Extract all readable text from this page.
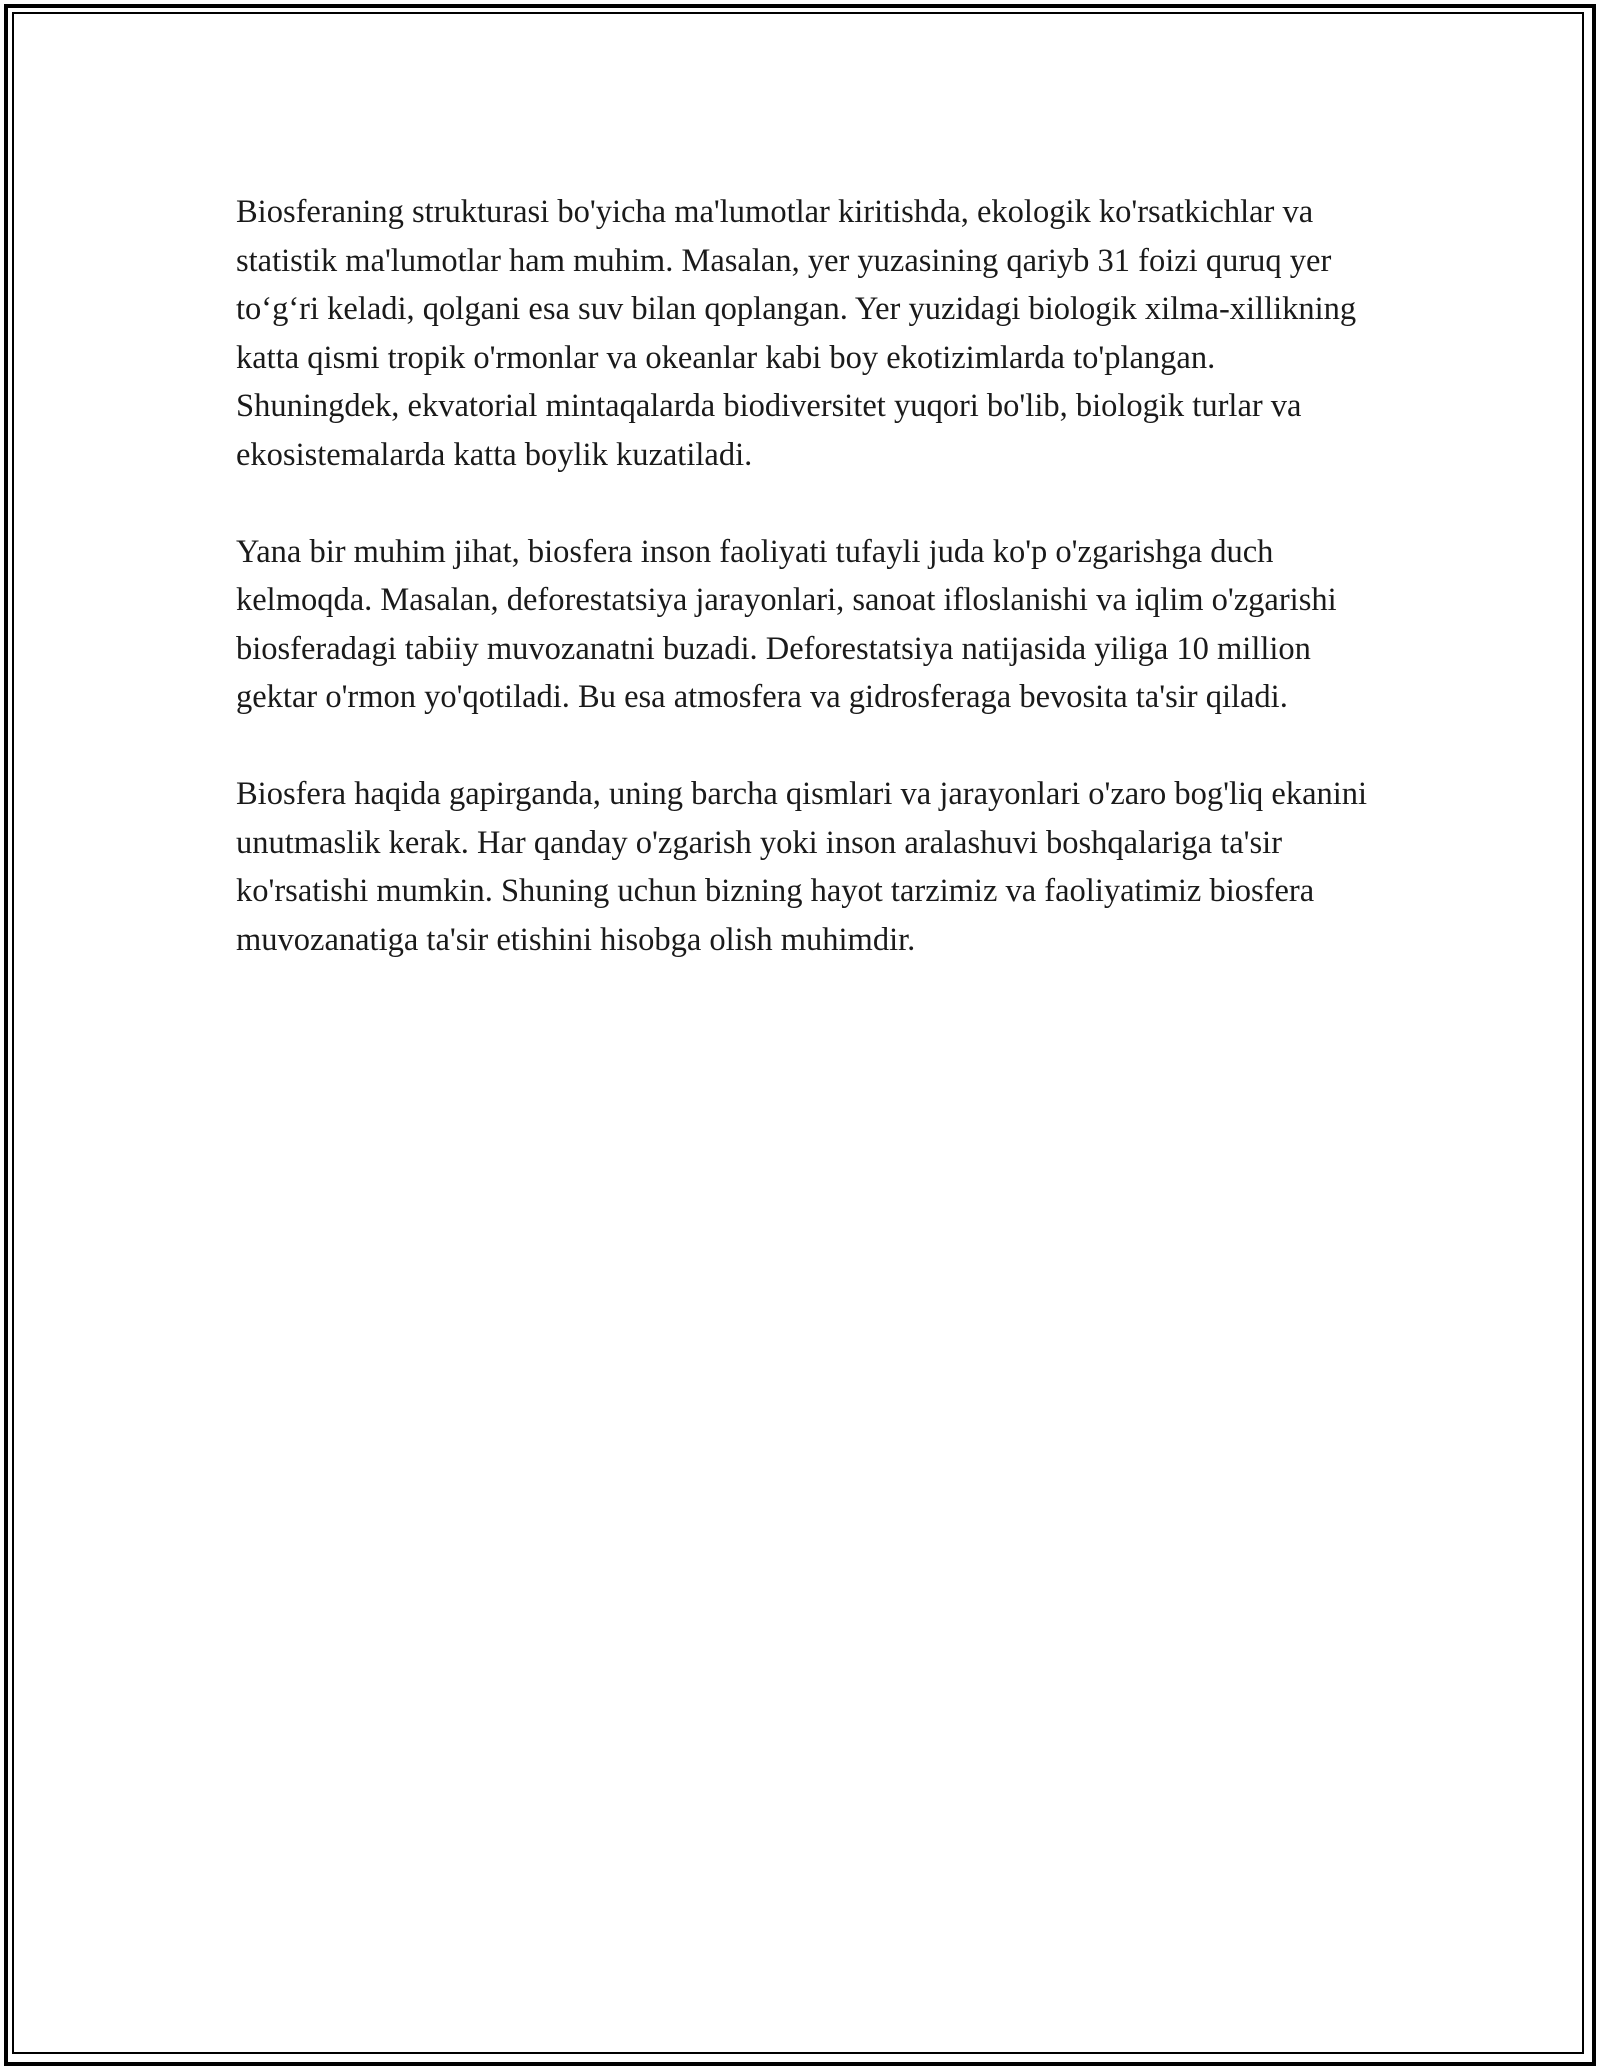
Biosferaning strukturasi bo'yicha ma'lumotlar kiritishda, ekologik ko'rsatkichlar va statistik ma'lumotlar ham muhim. Masalan, yer yuzasining qariyb 31 foizi quruq yer to‘g‘ri keladi, qolgani esa suv bilan qoplangan. Yer yuzidagi biologik xilma-xillikning katta qismi tropik o'rmonlar va okeanlar kabi boy ekotizimlarda to'plangan. Shuningdek, ekvatorial mintaqalarda biodiversitet yuqori bo'lib, biologik turlar va ekosistemalarda katta boylik kuzatiladi.

Yana bir muhim jihat, biosfera inson faoliyati tufayli juda ko'p o'zgarishga duch kelmoqda. Masalan, deforestatsiya jarayonlari, sanoat ifloslanishi va iqlim o'zgarishi biosferadagi tabiiy muvozanatni buzadi. Deforestatsiya natijasida yiliga 10 million gektar o'rmon yo'qotiladi. Bu esa atmosfera va gidrosferaga bevosita ta'sir qiladi.

Biosfera haqida gapirganda, uning barcha qismlari va jarayonlari o'zaro bog'liq ekanini unutmaslik kerak. Har qanday o'zgarish yoki inson aralashuvi boshqalariga ta'sir ko'rsatishi mumkin. Shuning uchun bizning hayot tarzimiz va faoliyatimiz biosfera muvozanatiga ta'sir etishini hisobga olish muhimdir.
